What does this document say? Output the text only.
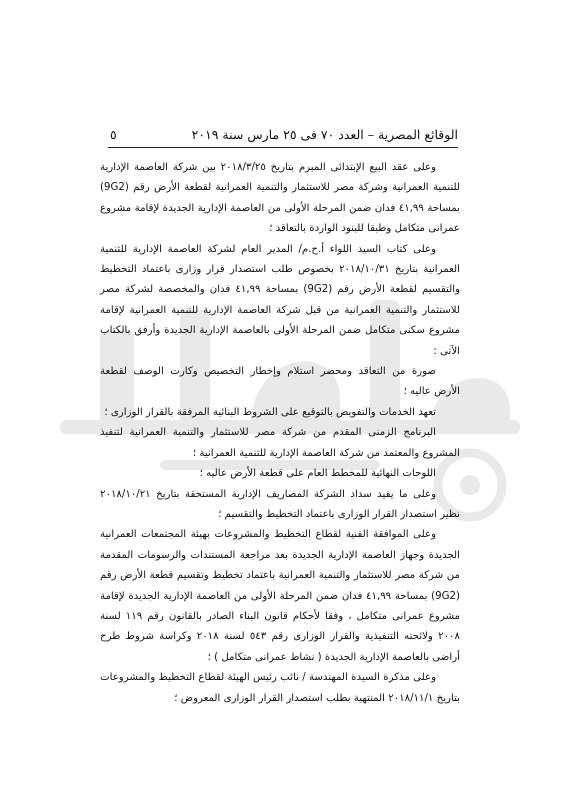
الوقائع المصرية – العدد ٧٠ فى ٢٥ مارس سنة ٢٠١٩
٥

وعلى عقد البيع الإبتدائى المبرم بتاريخ ٢٠١٨/٣/٢٥ بين شركة العاصمة الإدارية للتنمية العمرانية وشركة مصر للاستثمار والتنمية العمرانية لقطعة الأرض رقم (9G2) بمساحة ٤١,٩٩ فدان ضمن المرحلة الأولى من العاصمة الإدارية الجديدة لإقامة مشروع عمرانى متكامل وطبقا للبنود الواردة بالتعاقد ؛

وعلى كتاب السيد اللواء أ.ح.م/ المدير العام لشركة العاصمة الإدارية للتنمية العمرانية بتاريخ ٢٠١٨/١٠/٣١ بخصوص طلب استصدار قرار وزارى باعتماد التخطيط والتقسيم لقطعة الأرض رقم (9G2) بمساحة ٤١,٩٩ فدان والمخصصة لشركة مصر للاستثمار والتنمية العمرانية من قبل شركة العاصمة الإدارية للتنمية العمرانية لإقامة مشروع سكنى متكامل ضمن المرحلة الأولى بالعاصمة الإدارية الجديدة وأرفق بالكتاب الآتى :

صورة من التعاقد ومحضر استلام وإخطار التخصيص وكارت الوصف لقطعة الأرض عاليه ؛

تعهد الخدمات والتفويض بالتوقيع على الشروط البنائية المرفقة بالقرار الوزارى ؛

البرنامج الزمنى المقدم من شركة مصر للاستثمار والتنمية العمرانية لتنفيذ المشروع والمعتمد من شركة العاصمة الإدارية للتنمية العمرانية ؛

اللوحات النهائية للمخطط العام على قطعة الأرض عاليه ؛

وعلى ما يفيد سداد الشركة المصاريف الإدارية المستحقة بتاريخ ٢٠١٨/١٠/٢١ نظير استصدار القرار الوزارى باعتماد التخطيط والتقسيم ؛

وعلى الموافقة الفنية لقطاع التخطيط والمشروعات بهيئة المجتمعات العمرانية الجديدة وجهاز العاصمة الإدارية الجديدة بعد مراجعة المستندات والرسومات المقدمة من شركة مصر للاستثمار والتنمية العمرانية باعتماد تخطيط وتقسيم قطعة الأرض رقم (9G2) بمساحة ٤١,٩٩ فدان ضمن المرحلة الأولى من العاصمة الإدارية الجديدة لإقامة مشروع عمرانى متكامل ، وفقا لأحكام قانون البناء الصادر بالقانون رقم ١١٩ لسنة ٢٠٠٨ ولائحته التنفيذية والقرار الوزارى رقم ٥٤٣ لسنة ٢٠١٨ وكراسة شروط طرح أراضى بالعاصمة الإدارية الجديدة ( نشاط عمرانى متكامل ) ؛

وعلى مذكرة السيدة المهندسة / نائب رئيس الهيئة لقطاع التخطيط والمشروعات بتاريخ ٢٠١٨/١١/١ المنتهية بطلب استصدار القرار الوزارى المعروض ؛
